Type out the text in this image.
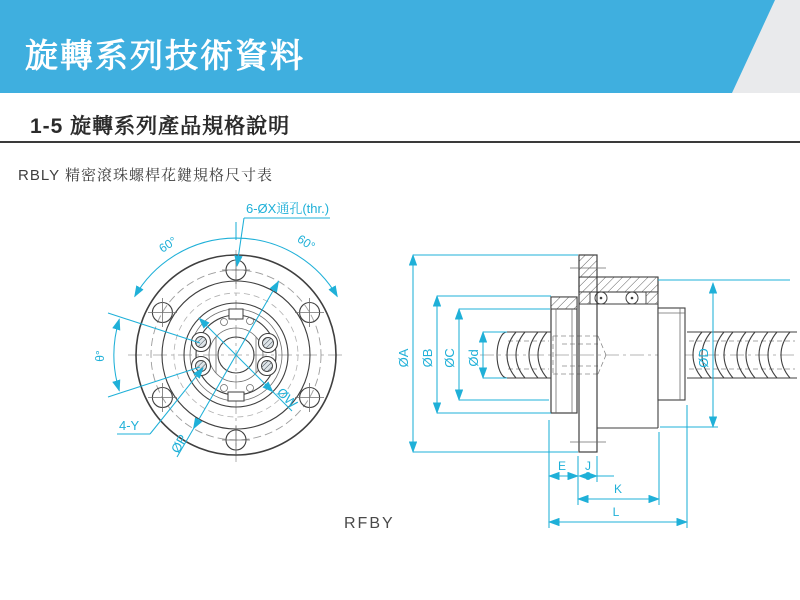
旋轉系列技術資料
1-5 旋轉系列產品規格說明
RBLY 精密滾珠螺桿花鍵規格尺寸表
60°	60°
θ°
ØP
ØW
4-Y
6-ØX通孔(thr.)
ØA ØB ØC Ød	ØD
E J
K
L
RFBY
